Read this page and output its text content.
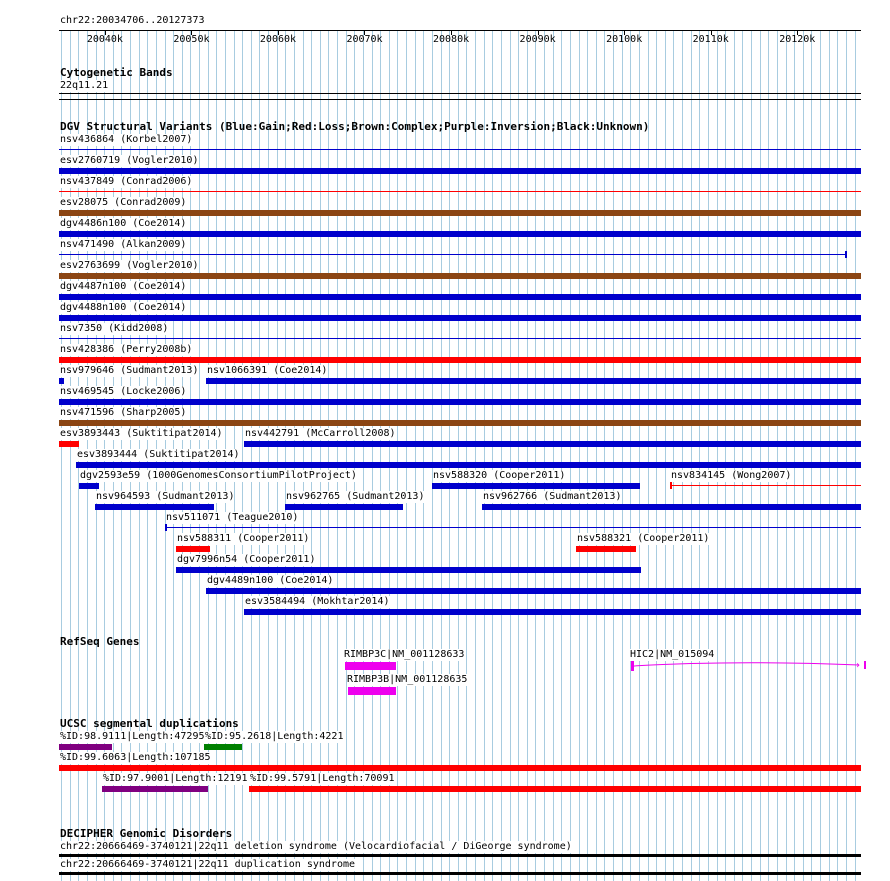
chr22:20034706..20127373
20040k	20050k	20060k	20070k	20080k	20090k	20100k	20110k	20120k
Cytogenetic Bands
22q11.21
DGV Structural Variants (Blue:Gain;Red:Loss;Brown:Complex;Purple:Inversion;Black:Unknown)
RefSeq Genes
UCSC segmental duplications
DECIPHER Genomic Disorders
nsv436864 (Korbel2007)
esv2760719 (Vogler2010)
nsv437849 (Conrad2006)
esv28075 (Conrad2009)
dgv4486n100 (Coe2014)
nsv471490 (Alkan2009)
esv2763699 (Vogler2010)
dgv4487n100 (Coe2014)
dgv4488n100 (Coe2014)
nsv7350 (Kidd2008)
nsv428386 (Perry2008b)
nsv979646 (Sudmant2013) nsv1066391 (Coe2014)
nsv469545 (Locke2006)
nsv471596 (Sharp2005)
esv3893443 (Suktitipat2014) nsv442791 (McCarroll2008)
esv3893444 (Suktitipat2014)
dgv2593e59 (1000GenomesConsortiumPilotProject)	nsv588320 (Cooper2011)	nsv834145 (Wong2007)
nsv964593 (Sudmant2013)	nsv962765 (Sudmant2013)	nsv962766 (Sudmant2013)
nsv511071 (Teague2010)
nsv588311 (Cooper2011)	nsv588321 (Cooper2011)
dgv7996n54 (Cooper2011)
dgv4489n100 (Coe2014)
esv3584494 (Mokhtar2014)
RIMBP3C|NM_001128633
RIMBP3B|NM_001128635
HIC2|NM_015094
›
%ID:98.9111|Length:47295 %ID:95.2618|Length:4221
%ID:99.6063|Length:107185
%ID:97.9001|Length:12191 %ID:99.5791|Length:70091
chr22:20666469-3740121|22q11 deletion syndrome (Velocardiofacial / DiGeorge syndrome)
chr22:20666469-3740121|22q11 duplication syndrome
